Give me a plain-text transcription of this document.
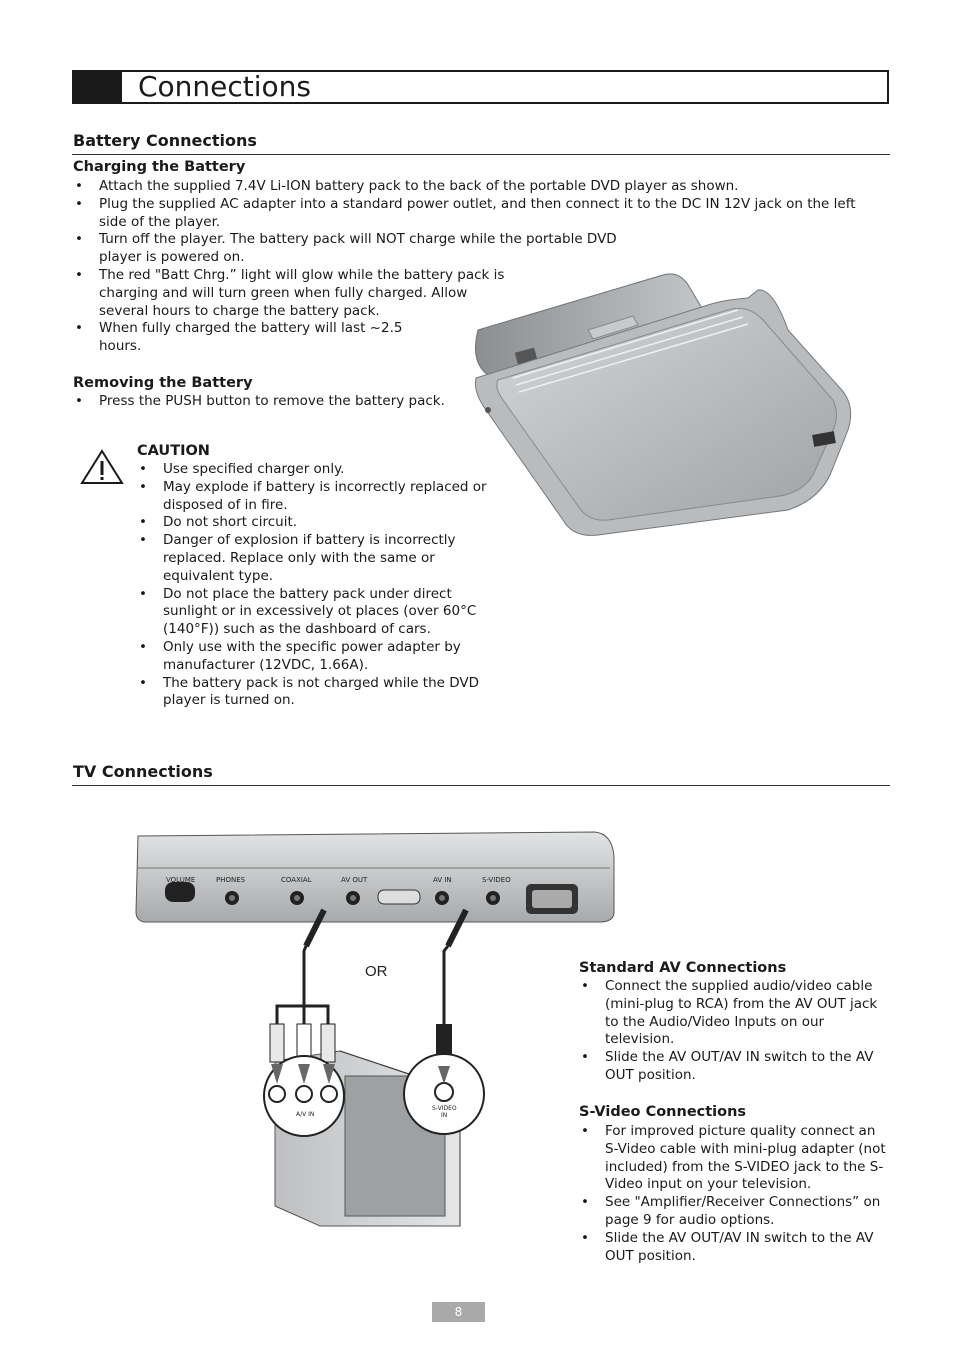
Connections
Battery Connections
Charging the Battery
• Attach the supplied 7.4V Li-ION battery pack to the back of the portable DVD player as shown.
• Plug the supplied AC adapter into a standard power outlet, and then connect it to the DC IN 12V jack on the left side of the player.
• Turn off the player. The battery pack will NOT charge while the portable DVD player is powered on.
• The red "Batt Chrg.” light will glow while the battery pack is charging and will turn green when fully charged. Allow several hours to charge the battery pack.
• When fully charged the battery will last ~2.5 hours.
Removing the Battery
• Press the PUSH button to remove the battery pack.
CAUTION
• Use specified charger only.
• May explode if battery is incorrectly replaced or disposed of in fire.
• Do not short circuit.
• Danger of explosion if battery is incorrectly replaced. Replace only with the same or equivalent type.
• Do not place the battery pack under direct sunlight or in excessively ot places (over 60°C (140°F)) such as the dashboard of cars.
• Only use with the specific power adapter by manufacturer (12VDC, 1.66A).
• The battery pack is not charged while the DVD player is turned on.
TV Connections
VOLUME	PHONES	COAXIAL	AV OUT	AV IN	S-VIDEO
OR
A/V IN
S-VIDEO
IN
Standard AV Connections
• Connect the supplied audio/video cable (mini-plug to RCA) from the AV OUT jack to the Audio/Video Inputs on our television.
• Slide the AV OUT/AV IN switch to the AV OUT position.
S-Video Connections
• For improved picture quality connect an S-Video cable with mini-plug adapter (not included) from the S-VIDEO jack to the S-Video input on your television.
• See "Amplifier/Receiver Connections” on page 9 for audio options.
• Slide the AV OUT/AV IN switch to the AV OUT position.
8
